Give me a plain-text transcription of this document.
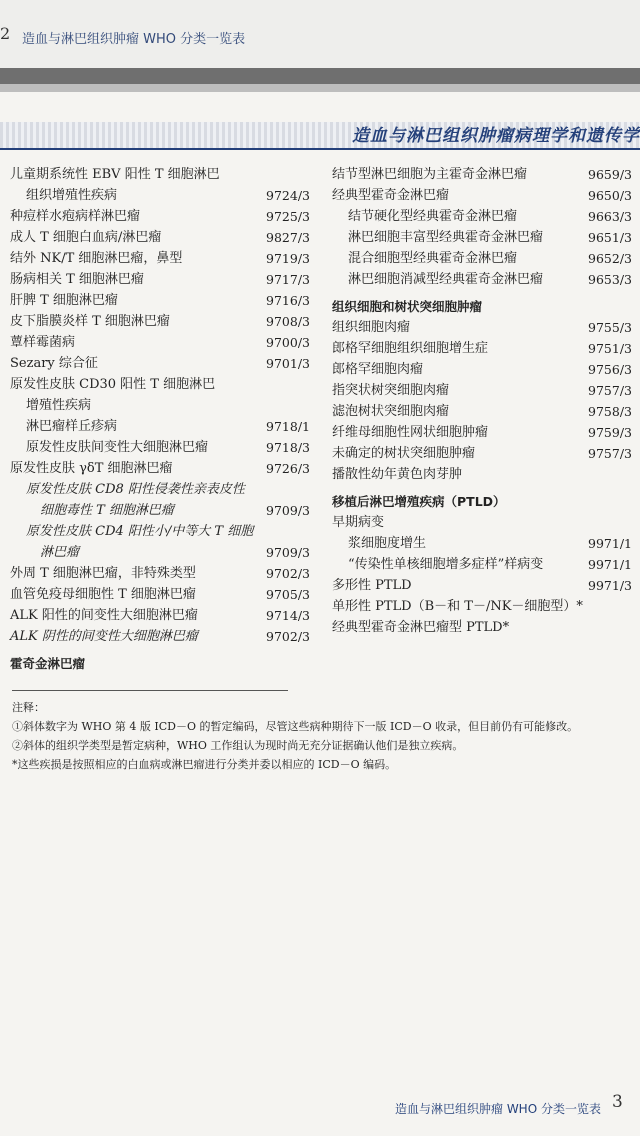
2 造血与淋巴组织肿瘤 WHO 分类一览表
造血与淋巴组织肿瘤病理学和遗传学
儿童期系统性 EBV 阳性 T 细胞淋巴
组织增殖性疾病	9724/3
种痘样水疱病样淋巴瘤	9725/3
成人 T 细胞白血病/淋巴瘤	9827/3
结外 NK/T 细胞淋巴瘤，鼻型	9719/3
肠病相关 T 细胞淋巴瘤	9717/3
肝脾 T 细胞淋巴瘤	9716/3
皮下脂膜炎样 T 细胞淋巴瘤	9708/3
蕈样霉菌病	9700/3
Sezary 综合征	9701/3
原发性皮肤 CD30 阳性 T 细胞淋巴
增殖性疾病
淋巴瘤样丘疹病	9718/1
原发性皮肤间变性大细胞淋巴瘤	9718/3
原发性皮肤 γδT 细胞淋巴瘤	9726/3
原发性皮肤 CD8 阳性侵袭性亲表皮性
细胞毒性 T 细胞淋巴瘤	9709/3
原发性皮肤 CD4 阳性小/中等大 T 细胞
淋巴瘤	9709/3
外周 T 细胞淋巴瘤，非特殊类型	9702/3
血管免疫母细胞性 T 细胞淋巴瘤	9705/3
ALK 阳性的间变性大细胞淋巴瘤	9714/3
ALK 阴性的间变性大细胞淋巴瘤	9702/3
霍奇金淋巴瘤
结节型淋巴细胞为主霍奇金淋巴瘤	9659/3
经典型霍奇金淋巴瘤	9650/3
结节硬化型经典霍奇金淋巴瘤	9663/3
淋巴细胞丰富型经典霍奇金淋巴瘤	9651/3
混合细胞型经典霍奇金淋巴瘤	9652/3
淋巴细胞消减型经典霍奇金淋巴瘤	9653/3
组织细胞和树状突细胞肿瘤
组织细胞肉瘤	9755/3
郎格罕细胞组织细胞增生症	9751/3
郎格罕细胞肉瘤	9756/3
指突状树突细胞肉瘤	9757/3
滤泡树状突细胞肉瘤	9758/3
纤维母细胞性网状细胞肿瘤	9759/3
未确定的树状突细胞肿瘤	9757/3
播散性幼年黄色肉芽肿
移植后淋巴增殖疾病（PTLD）
早期病变
浆细胞度增生	9971/1
“传染性单核细胞增多症样”样病变	9971/1
多形性 PTLD	9971/3
单形性 PTLD（B－和 T－/NK－细胞型）*
经典型霍奇金淋巴瘤型 PTLD*
注释：
①斜体数字为 WHO 第 4 版 ICD－O 的暂定编码，尽管这些病种期待下一版 ICD－O 收录，但目前仍有可能修改。
②斜体的组织学类型是暂定病种，WHO 工作组认为现时尚无充分证据确认他们是独立疾病。
*这些疾损是按照相应的白血病或淋巴瘤进行分类并委以相应的 ICD－O 编码。
造血与淋巴组织肿瘤 WHO 分类一览表 3
